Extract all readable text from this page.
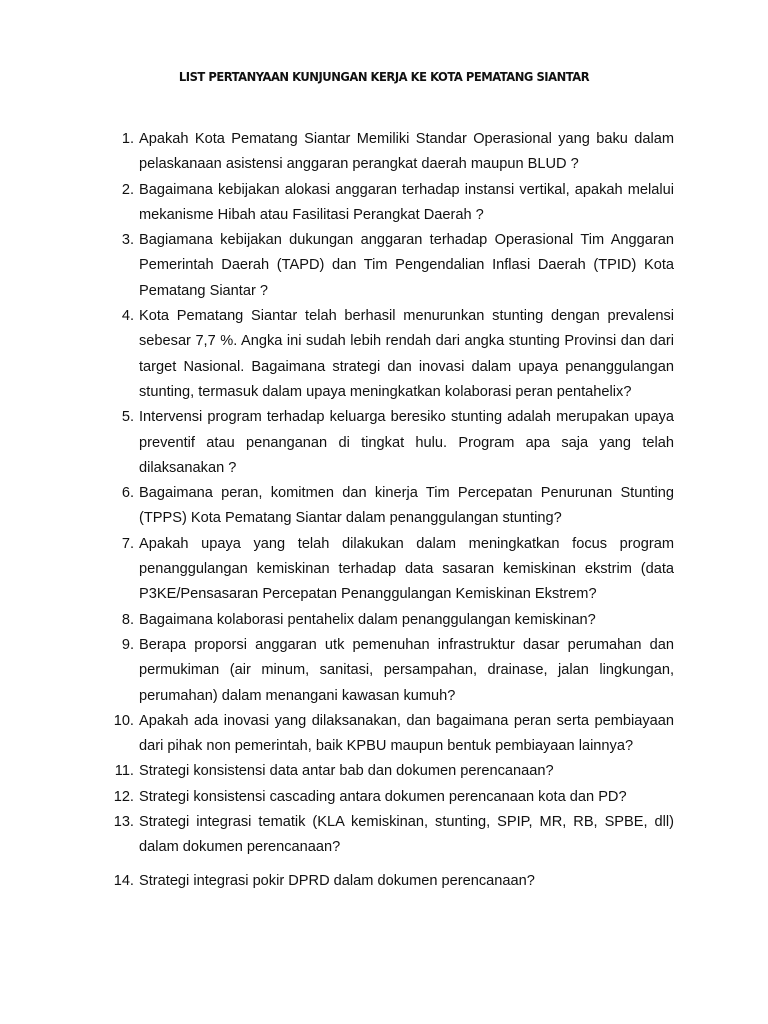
LIST PERTANYAAN KUNJUNGAN KERJA KE KOTA PEMATANG SIANTAR
1. Apakah Kota Pematang Siantar Memiliki Standar Operasional yang baku dalam pelaskanaan asistensi anggaran perangkat daerah maupun BLUD ?
2. Bagaimana kebijakan alokasi anggaran terhadap instansi vertikal, apakah melalui mekanisme Hibah atau Fasilitasi Perangkat Daerah ?
3. Bagiamana kebijakan dukungan anggaran terhadap Operasional Tim Anggaran Pemerintah Daerah (TAPD) dan Tim Pengendalian Inflasi Daerah (TPID) Kota Pematang Siantar ?
4. Kota Pematang Siantar telah berhasil menurunkan stunting dengan prevalensi sebesar 7,7 %. Angka ini sudah lebih rendah dari angka stunting Provinsi dan dari target Nasional. Bagaimana strategi dan inovasi dalam upaya penanggulangan stunting, termasuk dalam upaya meningkatkan kolaborasi peran pentahelix?
5. Intervensi program terhadap keluarga beresiko stunting adalah merupakan upaya preventif atau penanganan di tingkat hulu. Program apa saja yang telah dilaksanakan ?
6. Bagaimana peran, komitmen dan kinerja Tim Percepatan Penurunan Stunting (TPPS) Kota Pematang Siantar dalam penanggulangan stunting?
7. Apakah upaya yang telah dilakukan dalam meningkatkan focus program penanggulangan kemiskinan terhadap data sasaran kemiskinan ekstrim (data P3KE/Pensasaran Percepatan Penanggulangan Kemiskinan Ekstrem?
8. Bagaimana kolaborasi pentahelix dalam penanggulangan kemiskinan?
9. Berapa proporsi anggaran utk pemenuhan infrastruktur dasar perumahan dan permukiman (air minum, sanitasi, persampahan, drainase, jalan lingkungan, perumahan) dalam menangani kawasan kumuh?
10. Apakah ada inovasi yang dilaksanakan, dan bagaimana peran serta pembiayaan dari pihak non pemerintah, baik KPBU maupun bentuk pembiayaan lainnya?
11. Strategi konsistensi data antar bab dan dokumen perencanaan?
12. Strategi konsistensi cascading antara dokumen perencanaan kota dan PD?
13. Strategi integrasi tematik (KLA kemiskinan, stunting, SPIP, MR, RB, SPBE, dll) dalam dokumen perencanaan?
14. Strategi integrasi pokir DPRD dalam dokumen perencanaan?
